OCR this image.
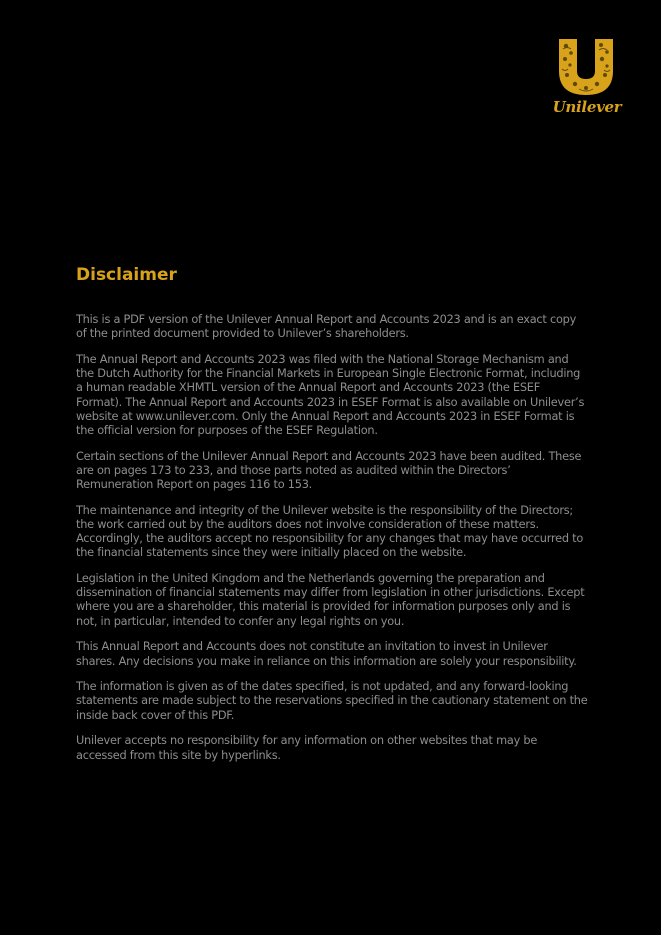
Unilever
Disclaimer

This is a PDF version of the Unilever Annual Report and Accounts 2023 and is an exact copy of the printed document provided to Unilever’s shareholders.

The Annual Report and Accounts 2023 was filed with the National Storage Mechanism and the Dutch Authority for the Financial Markets in European Single Electronic Format, including a human readable XHMTL version of the Annual Report and Accounts 2023 (the ESEF Format). The Annual Report and Accounts 2023 in ESEF Format is also available on Unilever’s website at www.unilever.com. Only the Annual Report and Accounts 2023 in ESEF Format is the official version for purposes of the ESEF Regulation.

Certain sections of the Unilever Annual Report and Accounts 2023 have been audited. These are on pages 173 to 233, and those parts noted as audited within the Directors’ Remuneration Report on pages 116 to 153.

The maintenance and integrity of the Unilever website is the responsibility of the Directors; the work carried out by the auditors does not involve consideration of these matters. Accordingly, the auditors accept no responsibility for any changes that may have occurred to the financial statements since they were initially placed on the website.

Legislation in the United Kingdom and the Netherlands governing the preparation and dissemination of financial statements may differ from legislation in other jurisdictions. Except where you are a shareholder, this material is provided for information purposes only and is not, in particular, intended to confer any legal rights on you.

This Annual Report and Accounts does not constitute an invitation to invest in Unilever shares. Any decisions you make in reliance on this information are solely your responsibility.

The information is given as of the dates specified, is not updated, and any forward-looking statements are made subject to the reservations specified in the cautionary statement on the inside back cover of this PDF.

Unilever accepts no responsibility for any information on other websites that may be accessed from this site by hyperlinks.
